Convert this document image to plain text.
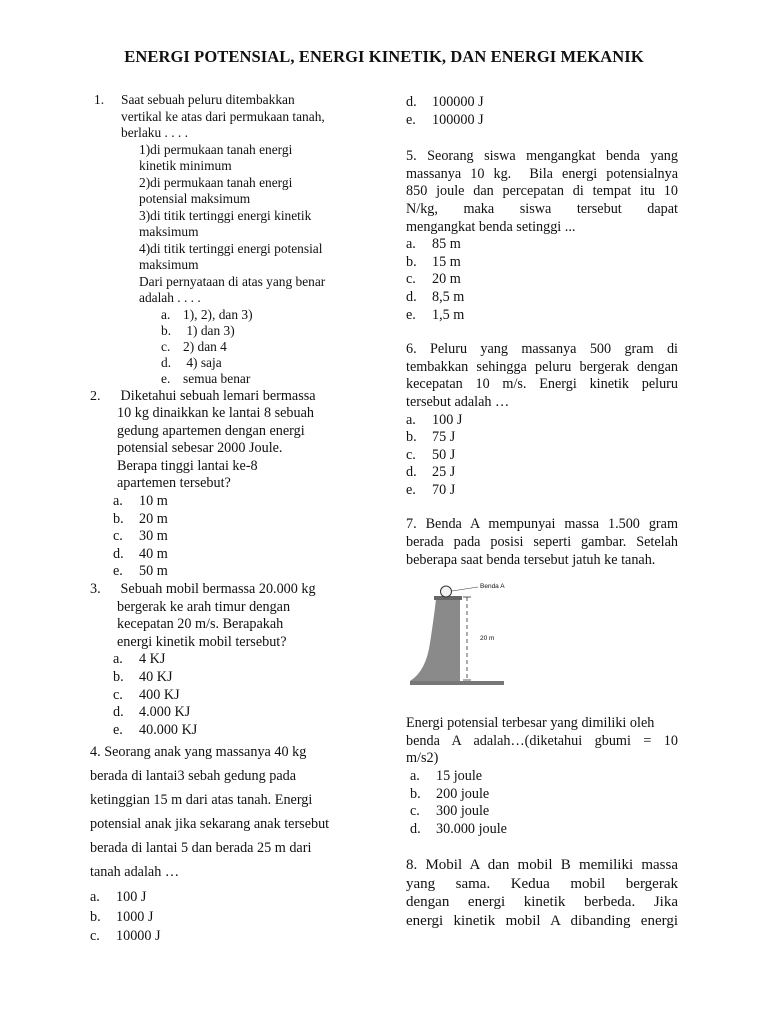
ENERGI POTENSIAL, ENERGI KINETIK, DAN ENERGI MEKANIK
1.	Saat sebuah peluru ditembakkan
vertikal ke atas dari permukaan tanah,
berlaku . . . .
1)di permukaan tanah energi
kinetik minimum
2)di permukaan tanah energi
potensial maksimum
3)di titik tertinggi energi kinetik
maksimum
4)di titik tertinggi energi potensial
maksimum
Dari pernyataan di atas yang benar
adalah . . . .
a. 1), 2), dan 3)
b. 1) dan 3)
c. 2) dan 4
d. 4) saja
e. semua benar
2.	Diketahui sebuah lemari bermassa
10 kg dinaikkan ke lantai 8 sebuah
gedung apartemen dengan energi
potensial sebesar 2000 Joule.
Berapa tinggi lantai ke-8
apartemen tersebut?
a.	10 m
b.	20 m
c.	30 m
d.	40 m
e.	50 m
3.	Sebuah mobil bermassa 20.000 kg
bergerak ke arah timur dengan
kecepatan 20 m/s. Berapakah
energi kinetik mobil tersebut?
a.	4 KJ
b.	40 KJ
c.	400 KJ
d.	4.000 KJ
e.	40.000 KJ
4. Seorang anak yang massanya 40 kg
berada di lantai3 sebah gedung pada
ketinggian 15 m dari atas tanah. Energi
potensial anak jika sekarang anak tersebut
berada di lantai 5 dan berada 25 m dari
tanah adalah …
a.	100 J
b.	1000 J
c.	10000 J
d.	100000 J
e.	100000 J
5. Seorang siswa mengangkat benda yang
massanya 10 kg.  Bila energi potensialnya
850 joule dan percepatan di tempat itu 10
N/kg, maka siswa tersebut dapat
mengangkat benda setinggi ...
a.	85 m
b.	15 m
c.	20 m
d.	8,5 m
e.	1,5 m
6. Peluru yang massanya 500 gram di
tembakkan sehingga peluru bergerak dengan
kecepatan 10 m/s. Energi kinetik peluru
tersebut adalah …
a.	100 J
b.	75 J
c.	50 J
d.	25 J
e.	70 J
7. Benda A mempunyai massa 1.500 gram
berada pada posisi seperti gambar. Setelah
beberapa saat benda tersebut jatuh ke tanah.
Benda A
20 m
Energi potensial terbesar yang dimiliki oleh
benda A adalah…(diketahui gbumi = 10
m/s2)
a.	15 joule
b.	200 joule
c.	300 joule
d.	30.000 joule
8. Mobil A dan mobil B memiliki massa
yang sama. Kedua mobil bergerak
dengan energi kinetik berbeda. Jika
energi kinetik mobil A dibanding energi
